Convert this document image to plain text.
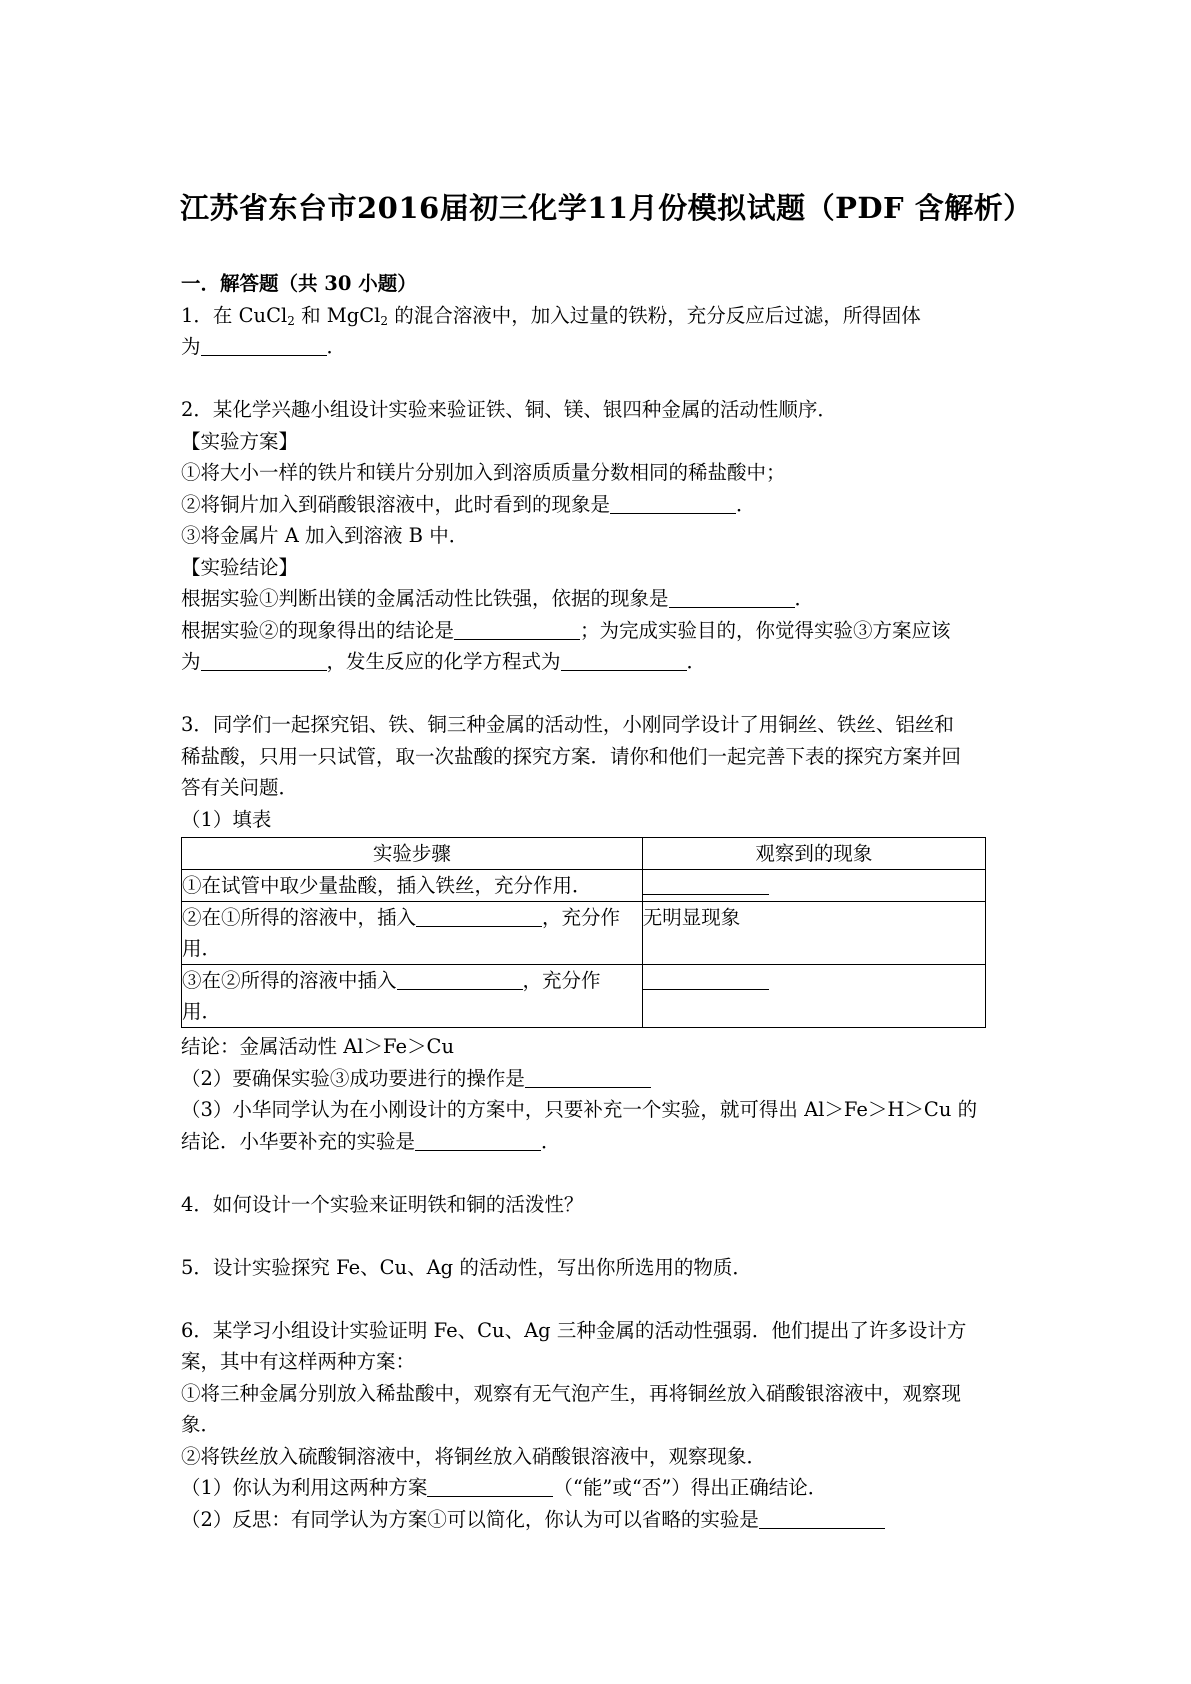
江苏省东台市2016届初三化学11月份模拟试题（PDF 含解析）
一．解答题（共 30 小题）
1．在 CuCl$_2$ 和 MgCl$_2$ 的混合溶液中，加入过量的铁粉，充分反应后过滤，所得固体
为	．
2．某化学兴趣小组设计实验来验证铁、铜、镁、银四种金属的活动性顺序．
【实验方案】
①将大小一样的铁片和镁片分别加入到溶质质量分数相同的稀盐酸中；
②将铜片加入到硝酸银溶液中，此时看到的现象是	．
③将金属片 A 加入到溶液 B 中．
【实验结论】
根据实验①判断出镁的金属活动性比铁强，依据的现象是	．
根据实验②的现象得出的结论是	；为完成实验目的，你觉得实验③方案应该
为	，发生反应的化学方程式为	．
3．同学们一起探究铝、铁、铜三种金属的活动性，小刚同学设计了用铜丝、铁丝、铝丝和
稀盐酸，只用一只试管，取一次盐酸的探究方案．请你和他们一起完善下表的探究方案并回
答有关问题．
（1）填表
实验步骤	观察到的现象
①在试管中取少量盐酸，插入铁丝，充分作用．	

②在①所得的溶液中，插入 ，充分作
用．	无明显现象

③在②所得的溶液中插入 ，充分作
用．	

结论：金属活动性 Al＞Fe＞Cu
（2）要确保实验③成功要进行的操作是
（3）小华同学认为在小刚设计的方案中，只要补充一个实验，就可得出 Al＞Fe＞H＞Cu 的
结论．小华要补充的实验是	．
4．如何设计一个实验来证明铁和铜的活泼性？
5．设计实验探究 Fe、Cu、Ag 的活动性，写出你所选用的物质．
6．某学习小组设计实验证明 Fe、Cu、Ag 三种金属的活动性强弱．他们提出了许多设计方
案，其中有这样两种方案：
①将三种金属分别放入稀盐酸中，观察有无气泡产生，再将铜丝放入硝酸银溶液中，观察现
象．
②将铁丝放入硫酸铜溶液中，将铜丝放入硝酸银溶液中，观察现象．
（1）你认为利用这两种方案	（“能”或“否”）得出正确结论．
（2）反思：有同学认为方案①可以简化，你认为可以省略的实验是
